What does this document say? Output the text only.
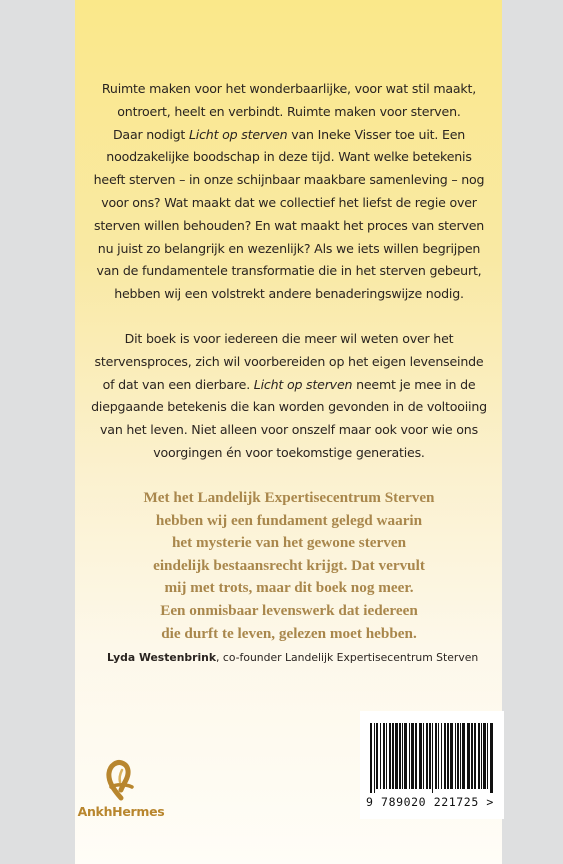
Ruimte maken voor het wonderbaarlijke, voor wat stil maakt,
ontroert, heelt en verbindt. Ruimte maken voor sterven.
Daar nodigt Licht op sterven van Ineke Visser toe uit. Een
noodzakelijke boodschap in deze tijd. Want welke betekenis
heeft sterven – in onze schijnbaar maakbare samenleving – nog
voor ons? Wat maakt dat we collectief het liefst de regie over
sterven willen behouden? En wat maakt het proces van sterven
nu juist zo belangrijk en wezenlijk? Als we iets willen begrijpen
van de fundamentele transformatie die in het sterven gebeurt,
hebben wij een volstrekt andere benaderingswijze nodig.
Dit boek is voor iedereen die meer wil weten over het
stervensproces, zich wil voorbereiden op het eigen levenseinde
of dat van een dierbare. Licht op sterven neemt je mee in de
diepgaande betekenis die kan worden gevonden in de voltooiing
van het leven. Niet alleen voor onszelf maar ook voor wie ons
voorgingen én voor toekomstige generaties.
Met het Landelijk Expertisecentrum Sterven
hebben wij een fundament gelegd waarin
het mysterie van het gewone sterven
eindelijk bestaansrecht krijgt. Dat vervult
mij met trots, maar dit boek nog meer.
Een onmisbaar levenswerk dat iedereen
die durft te leven, gelezen moet hebben.
Lyda Westenbrink, co-founder Landelijk Expertisecentrum Sterven
AnkhHermes
9 789020 221725 >
